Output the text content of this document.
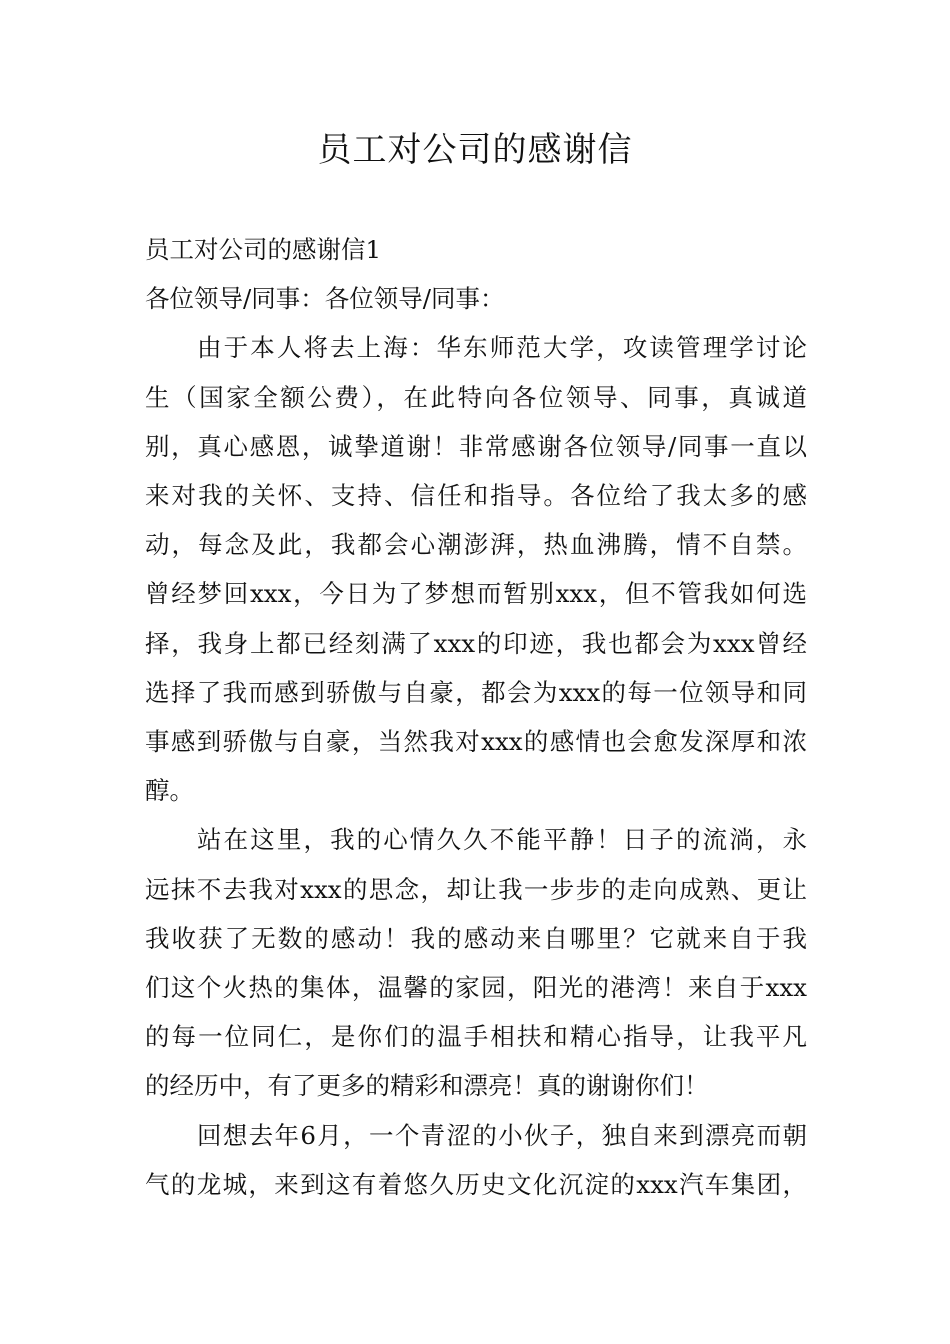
员工对公司的感谢信

员工对公司的感谢信1

各位领导/同事：各位领导/同事：

由于本人将去上海：华东师范大学，攻读管理学讨论

生（国家全额公费），在此特向各位领导、同事，真诚道

别，真心感恩，诚挚道谢！非常感谢各位领导/同事一直以

来对我的关怀、支持、信任和指导。各位给了我太多的感

动，每念及此，我都会心潮澎湃，热血沸腾，情不自禁。

曾经梦回xxx，今日为了梦想而暂别xxx，但不管我如何选

择，我身上都已经刻满了xxx的印迹，我也都会为xxx曾经

选择了我而感到骄傲与自豪，都会为xxx的每一位领导和同

事感到骄傲与自豪，当然我对xxx的感情也会愈发深厚和浓

醇。

站在这里，我的心情久久不能平静！日子的流淌，永

远抹不去我对xxx的思念，却让我一步步的走向成熟、更让

我收获了无数的感动！我的感动来自哪里？它就来自于我

们这个火热的集体，温馨的家园，阳光的港湾！来自于xxx

的每一位同仁，是你们的温手相扶和精心指导，让我平凡

的经历中，有了更多的精彩和漂亮！真的谢谢你们！

回想去年6月，一个青涩的小伙子，独自来到漂亮而朝

气的龙城，来到这有着悠久历史文化沉淀的xxx汽车集团，
